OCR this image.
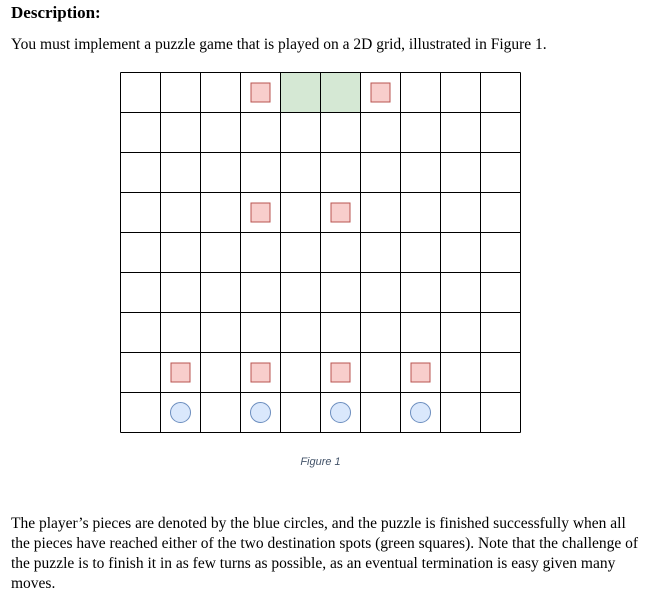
Description:

You must implement a puzzle game that is played on a 2D grid, illustrated in Figure 1.

Figure 1

The player’s pieces are denoted by the blue circles, and the puzzle is finished successfully when all the pieces have reached either of the two destination spots (green squares). Note that the challenge of the puzzle is to finish it in as few turns as possible, as an eventual termination is easy given many moves.
